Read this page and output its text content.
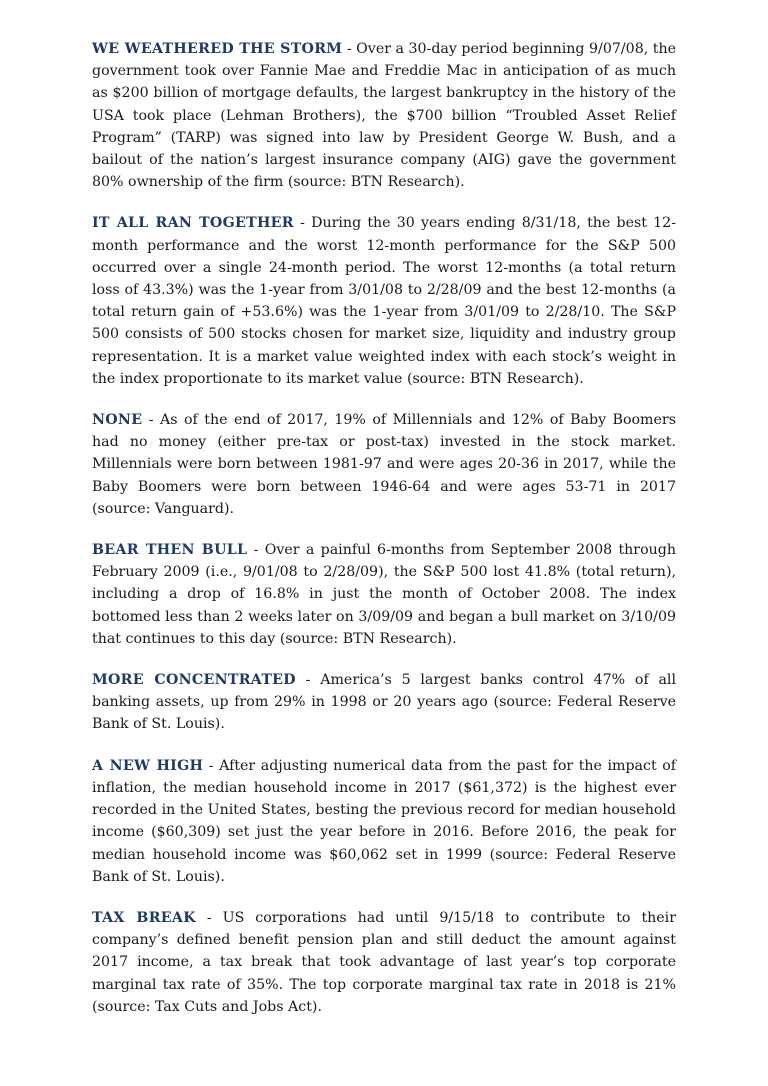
WE WEATHERED THE STORM - Over a 30-day period beginning 9/07/08, the government took over Fannie Mae and Freddie Mac in anticipation of as much as $200 billion of mortgage defaults, the largest bankruptcy in the history of the USA took place (Lehman Brothers), the $700 billion “Troubled Asset Relief Program” (TARP) was signed into law by President George W. Bush, and a bailout of the nation’s largest insurance company (AIG) gave the government 80% ownership of the firm (source: BTN Research).

IT ALL RAN TOGETHER - During the 30 years ending 8/31/18, the best 12-month performance and the worst 12-month performance for the S&P 500 occurred over a single 24-month period. The worst 12-months (a total return loss of 43.3%) was the 1-year from 3/01/08 to 2/28/09 and the best 12-months (a total return gain of +53.6%) was the 1-year from 3/01/09 to 2/28/10. The S&P 500 consists of 500 stocks chosen for market size, liquidity and industry group representation. It is a market value weighted index with each stock’s weight in the index proportionate to its market value (source: BTN Research).

NONE - As of the end of 2017, 19% of Millennials and 12% of Baby Boomers had no money (either pre-tax or post-tax) invested in the stock market. Millennials were born between 1981-97 and were ages 20-36 in 2017, while the Baby Boomers were born between 1946-64 and were ages 53-71 in 2017 (source: Vanguard).

BEAR THEN BULL - Over a painful 6-months from September 2008 through February 2009 (i.e., 9/01/08 to 2/28/09), the S&P 500 lost 41.8% (total return), including a drop of 16.8% in just the month of October 2008. The index bottomed less than 2 weeks later on 3/09/09 and began a bull market on 3/10/09 that continues to this day (source: BTN Research).

MORE CONCENTRATED - America’s 5 largest banks control 47% of all banking assets, up from 29% in 1998 or 20 years ago (source: Federal Reserve Bank of St. Louis).

A NEW HIGH - After adjusting numerical data from the past for the impact of inflation, the median household income in 2017 ($61,372) is the highest ever recorded in the United States, besting the previous record for median household income ($60,309) set just the year before in 2016. Before 2016, the peak for median household income was $60,062 set in 1999 (source: Federal Reserve Bank of St. Louis).

TAX BREAK - US corporations had until 9/15/18 to contribute to their company’s defined benefit pension plan and still deduct the amount against 2017 income, a tax break that took advantage of last year’s top corporate marginal tax rate of 35%. The top corporate marginal tax rate in 2018 is 21% (source: Tax Cuts and Jobs Act).
